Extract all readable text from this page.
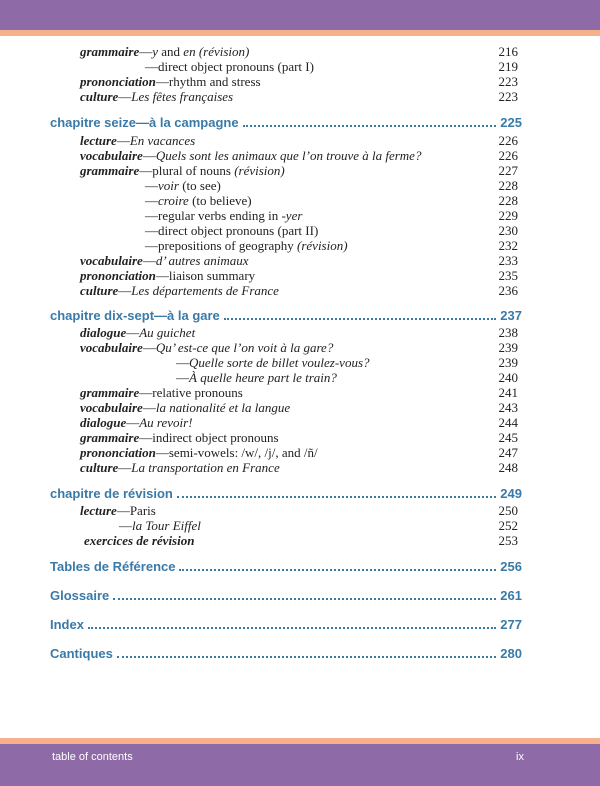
grammaire—y and en (révision)	216
—direct object pronouns (part I)	219
prononciation—rhythm and stress	223
culture—Les fêtes françaises	223
chapitre seize—à la campagne	225
lecture—En vacances	226
vocabulaire—Quels sont les animaux que l’on trouve à la ferme?	226
grammaire—plural of nouns (révision)	227
—voir (to see)	228
—croire (to believe)	228
—regular verbs ending in -yer	229
—direct object pronouns (part II)	230
—prepositions of geography (révision)	232
vocabulaire—d’ autres animaux	233
prononciation—liaison summary	235
culture—Les départements de France	236
chapitre dix-sept—à la gare	237
dialogue—Au guichet	238
vocabulaire—Qu’ est-ce que l’on voit à la gare?	239
—Quelle sorte de billet voulez-vous?	239
—À quelle heure part le train?	240
grammaire—relative pronouns	241
vocabulaire—la nationalité et la langue	243
dialogue—Au revoir!	244
grammaire—indirect object pronouns	245
prononciation—semi-vowels: /w/, /j/, and /ñ/	247
culture—La transportation en France	248
chapitre de révision	249
lecture—Paris	250
—la Tour Eiffel	252
exercices de révision	253
Tables de Référence	256
Glossaire	261
Index	277
Cantiques	280
table of contents	ix
